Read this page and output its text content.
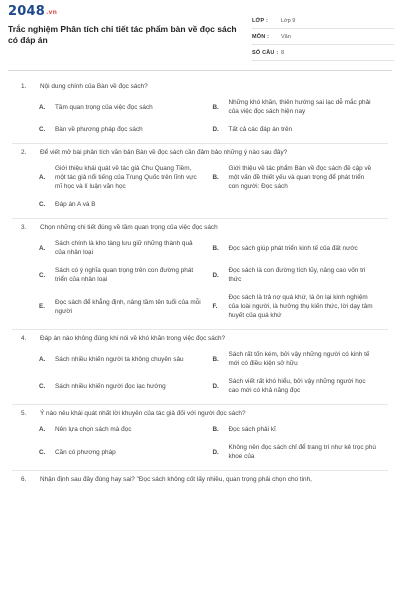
2048.vn
Trắc nghiệm Phân tích chi tiết tác phẩm bàn về đọc sách có đáp án
LỚP :	Lớp 9
MÔN :	Văn
SỐ CÂU : 8
1.	Nội dung chính của Bàn về đọc sách?
A.	Tầm quan trọng của việc đọc sách	B.
Những khó khăn, thiên hướng sai lạc dễ mắc phải của việc đọc sách hiện nay
C.	Bàn về phương pháp đọc sách	D.	Tất cả các đáp án trên
2.	Để viết mở bài phân tích văn bản Bàn về đọc sách cần đảm bảo những ý nào sau đây?
A.
Giới thiệu khái quát về tác giả Chu Quang Tiềm, một tác giả nổi tiếng của Trung Quốc trên lĩnh vực mĩ học và lí luận văn học
B.
Giới thiệu về tác phẩm Bàn về đọc sách đề cập về một vấn đề thiết yếu và quan trọng để phát triển con người: Đọc sách
C.	Đáp án A và B
3.	Chọn những chi tiết đúng về tầm quan trọng của việc đọc sách
A.
Sách chính là kho tàng lưu giữ những thành quả của nhân loại
B.	Đọc sách giúp phát triển kinh tế của đất nước
C.
Sách có ý nghĩa quan trọng trên con đường phát triển của nhân loại
D.
Đọc sách là con đường tích lũy, nâng cao vốn tri thức
E.
Đọc sách để khẳng định, nâng tầm tên tuổi của mỗi người
F.
Đọc sách là trả nợ quá khứ, là ôn lại kinh nghiệm của loài người, là hưởng thụ kiến thức, lời dạy tâm huyết của quá khứ
4.	Đáp án nào không đúng khi nói về khó khăn trong việc đọc sách?
A.	Sách nhiều khiến người ta không chuyên sâu	B.
Sách rất tốn kém, bởi vậy những người có kinh tế mới có điều kiện sở hữu
C.	Sách nhiều khiến người đọc lạc hướng	D.
Sách viết rất khó hiểu, bởi vậy những người học cao mới có khả năng đọc
5.	Ý nào nêu khái quát nhất lời khuyên của tác giả đối với người đọc sách?
A.	Nên lựa chọn sách mà đọc	B.	Đọc sách phải kĩ
C.	Cần có phương pháp	D.
Không nên đọc sách chỉ để trang trí như kẻ trọc phú khoe của
6.	Nhận định sau đây đúng hay sai? "Đọc sách không cốt lấy nhiều, quan trọng phải chọn cho tinh,
